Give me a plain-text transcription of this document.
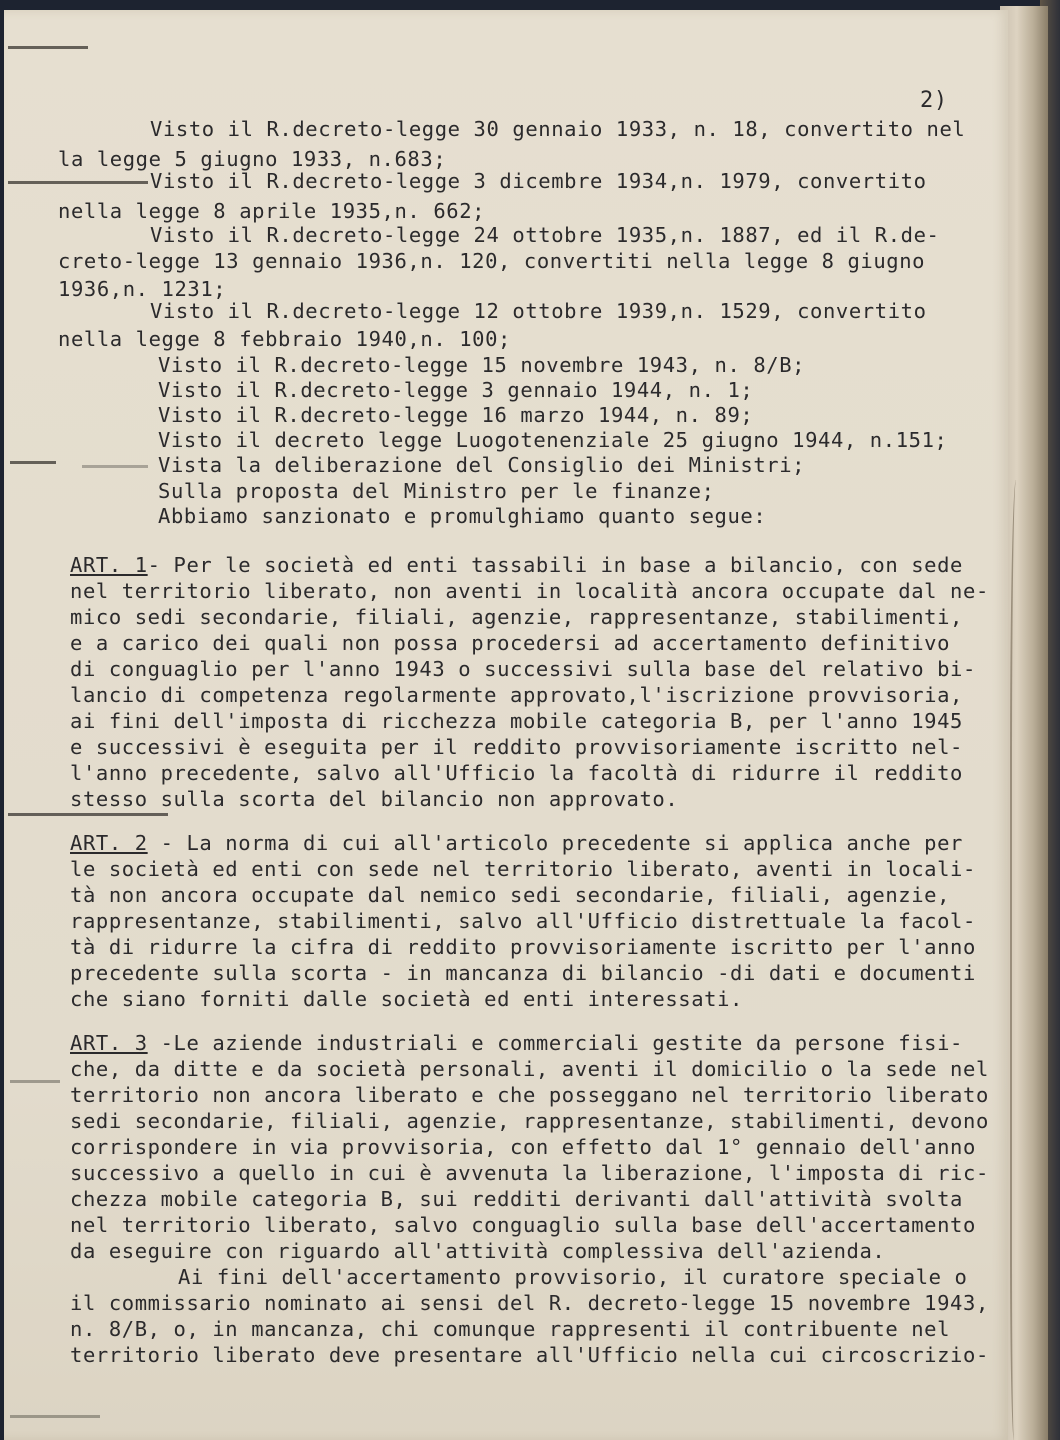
2)
Visto il R.decreto-legge 30 gennaio 1933, n. 18, convertito nel
la legge 5 giugno 1933, n.683;
Visto il R.decreto-legge 3 dicembre 1934,n. 1979, convertito
nella legge 8 aprile 1935,n. 662;
Visto il R.decreto-legge 24 ottobre 1935,n. 1887, ed il R.de-
creto-legge 13 gennaio 1936,n. 120, convertiti nella legge 8 giugno
1936,n. 1231;
Visto il R.decreto-legge 12 ottobre 1939,n. 1529, convertito
nella legge 8 febbraio 1940,n. 100;
Visto il R.decreto-legge 15 novembre 1943, n. 8/B;
Visto il R.decreto-legge 3 gennaio 1944, n. 1;
Visto il R.decreto-legge 16 marzo 1944, n. 89;
Visto il decreto legge Luogotenenziale 25 giugno 1944, n.151;
Vista la deliberazione del Consiglio dei Ministri;
Sulla proposta del Ministro per le finanze;
Abbiamo sanzionato e promulghiamo quanto segue:
ART. 1- Per le società ed enti tassabili in base a bilancio, con sede
nel territorio liberato, non aventi in località ancora occupate dal ne-
mico sedi secondarie, filiali, agenzie, rappresentanze, stabilimenti,
e a carico dei quali non possa procedersi ad accertamento definitivo
di conguaglio per l'anno 1943 o successivi sulla base del relativo bi-
lancio di competenza regolarmente approvato,l'iscrizione provvisoria,
ai fini dell'imposta di ricchezza mobile categoria B, per l'anno 1945
e successivi è eseguita per il reddito provvisoriamente iscritto nel-
l'anno precedente, salvo all'Ufficio la facoltà di ridurre il reddito
stesso sulla scorta del bilancio non approvato.
ART. 2 - La norma di cui all'articolo precedente si applica anche per
le società ed enti con sede nel territorio liberato, aventi in locali-
tà non ancora occupate dal nemico sedi secondarie, filiali, agenzie,
rappresentanze, stabilimenti, salvo all'Ufficio distrettuale la facol-
tà di ridurre la cifra di reddito provvisoriamente iscritto per l'anno
precedente sulla scorta - in mancanza di bilancio -di dati e documenti
che siano forniti dalle società ed enti interessati.
ART. 3 -Le aziende industriali e commerciali gestite da persone fisi-
che, da ditte e da società personali, aventi il domicilio o la sede nel
territorio non ancora liberato e che posseggano nel territorio liberato
sedi secondarie, filiali, agenzie, rappresentanze, stabilimenti, devono
corrispondere in via provvisoria, con effetto dal 1° gennaio dell'anno
successivo a quello in cui è avvenuta la liberazione, l'imposta di ric-
chezza mobile categoria B, sui redditi derivanti dall'attività svolta
nel territorio liberato, salvo conguaglio sulla base dell'accertamento
da eseguire con riguardo all'attività complessiva dell'azienda.
Ai fini dell'accertamento provvisorio, il curatore speciale o
il commissario nominato ai sensi del R. decreto-legge 15 novembre 1943,
n. 8/B, o, in mancanza, chi comunque rappresenti il contribuente nel
territorio liberato deve presentare all'Ufficio nella cui circoscrizio-
